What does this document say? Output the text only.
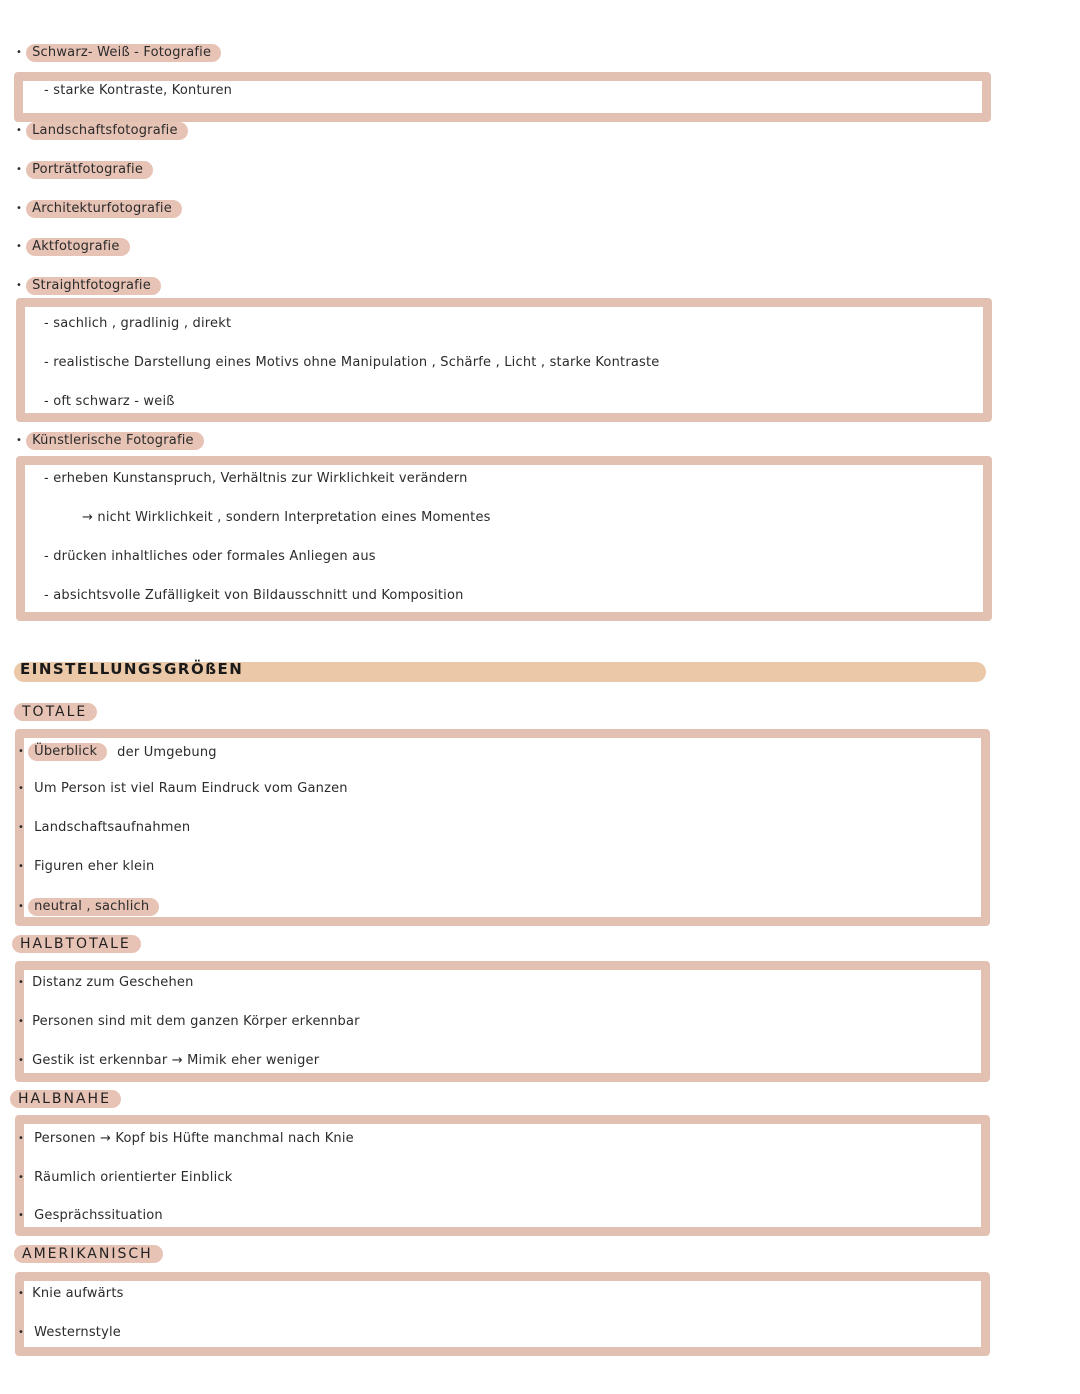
• Schwarz- Weiß - Fotografie
- starke Kontraste, Konturen
• Landschaftsfotografie
• Porträtfotografie
• Architekturfotografie
• Aktfotografie
• Straightfotografie
- sachlich , gradlinig , direkt
- realistische Darstellung eines Motivs ohne Manipulation , Schärfe , Licht , starke Kontraste
- oft schwarz - weiß
• Künstlerische Fotografie
- erheben Kunstanspruch, Verhältnis zur Wirklichkeit verändern
→ nicht Wirklichkeit , sondern Interpretation eines Momentes
- drücken inhaltliches oder formales Anliegen aus
- absichtsvolle Zufälligkeit von Bildausschnitt und Komposition
EINSTELLUNGSGRÖßEN
TOTALE
• Überblick	der Umgebung
• Um Person ist viel Raum Eindruck vom Ganzen
• Landschaftsaufnahmen
• Figuren eher klein
• neutral , sachlich
HALBTOTALE
• Distanz zum Geschehen
• Personen sind mit dem ganzen Körper erkennbar
• Gestik ist erkennbar → Mimik eher weniger
HALBNAHE
• Personen → Kopf bis Hüfte manchmal nach Knie
• Räumlich orientierter Einblick
• Gesprächssituation
AMERIKANISCH
• Knie aufwärts
• Westernstyle
